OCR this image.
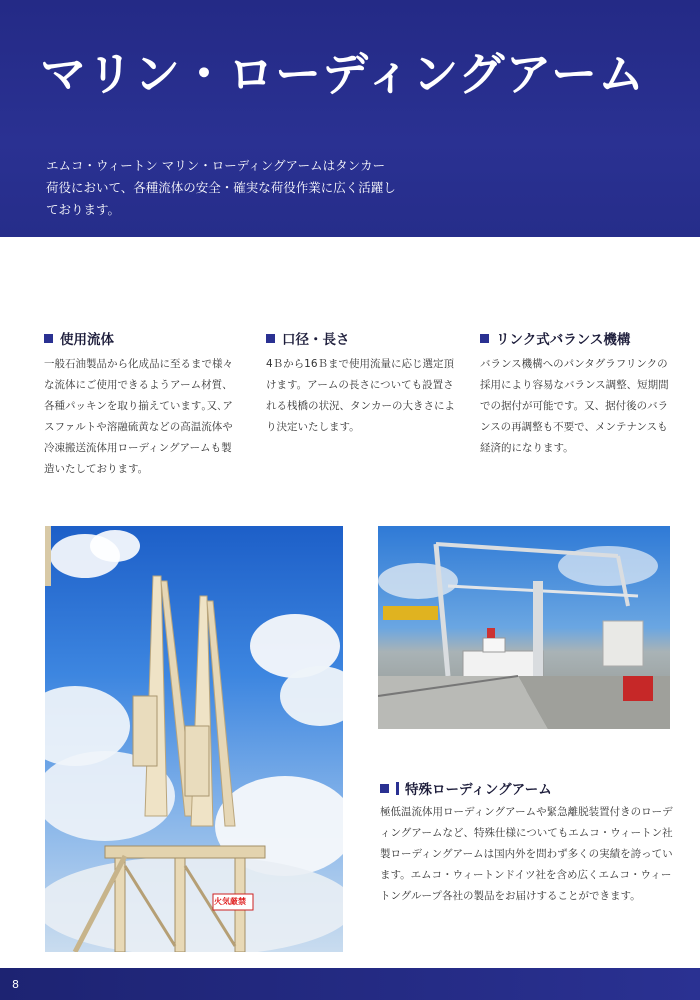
マリン・ローディングアーム
エムコ・ウィートン マリン・ローディングアームはタンカー荷役において、各種流体の安全・確実な荷役作業に広く活躍しております。
使用流体
一般石油製品から化成品に至るまで様々な流体にご使用できるようアーム材質、各種パッキンを取り揃えています｡又､アスファルトや溶融硫黄などの高温流体や冷凍搬送流体用ローディングアームも製造いたしております。
口径・長さ
4Ｂから16Ｂまで使用流量に応じ選定頂けます。アームの長さについても設置される桟橋の状況、タンカーの大きさにより決定いたします。
リンク式バランス機構
バランス機構へのパンタグラフリンクの採用により容易なバランス調整、短期間での据付が可能です。又、据付後のバランスの再調整も不要で、メンテナンスも経済的になります。
火気厳禁
特殊ローディングアーム
極低温流体用ローディングアームや緊急離脱装置付きのローディングアームなど、特殊仕様についてもエムコ・ウィートン社製ローディングアームは国内外を問わず多くの実績を誇っています。エムコ・ウィートンドイツ社を含め広くエムコ・ウィートングループ各社の製品をお届けすることができます。
8
